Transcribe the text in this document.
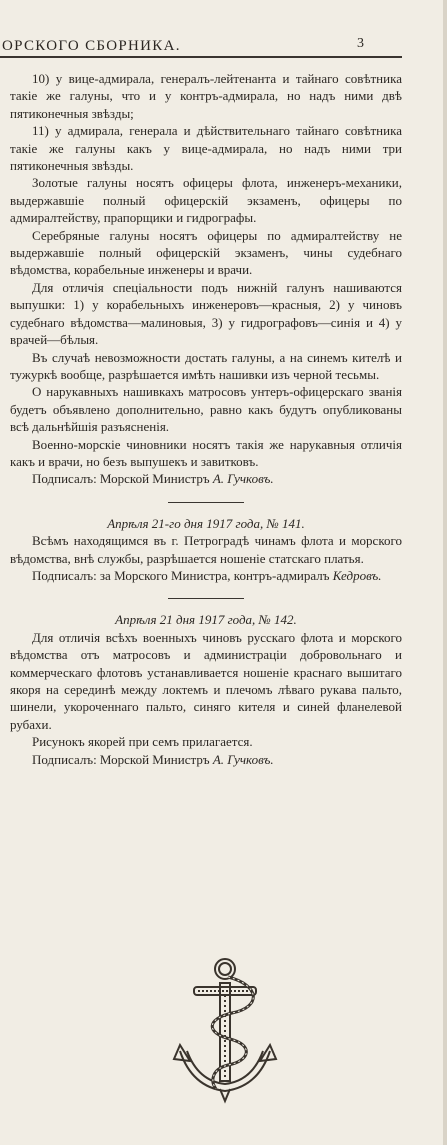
ОРСКОГО СБОРНИКА.	3

10) у вице-адмирала, генералъ-лейтенанта и тайнаго совѣтника такіе же галуны, что и у контръ-адмирала, но надъ ними двѣ пятиконечныя звѣзды;

11) у адмирала, генерала и дѣйствительнаго тайнаго совѣтника такіе же галуны какъ у вице-адмирала, но надъ ними три пятиконечныя звѣзды.

Золотые галуны носятъ офицеры флота, инженеръ-механики, выдержавшіе полный офицерскій экзаменъ, офицеры по адмиралтейству, прапорщики и гидрографы.

Серебряные галуны носятъ офицеры по адмиралтейству не выдержавшіе полный офицерскій экзаменъ, чины судебнаго вѣдомства, корабельные инженеры и врачи.

Для отличія спеціальности подъ нижній галунъ нашиваются выпушки: 1) у корабельныхъ инженеровъ—красныя, 2) у чиновъ судебнаго вѣдомства—малиновыя, 3) у гидрографовъ—синія и 4) у врачей—бѣлыя.

Въ случаѣ невозможности достать галуны, а на синемъ кителѣ и тужуркѣ вообще, разрѣшается имѣть нашивки изъ черной тесьмы.

О нарукавныхъ нашивкахъ матросовъ унтеръ-офицерскаго званія будетъ объявлено дополнительно, равно какъ будутъ опубликованы всѣ дальнѣйшія разъясненія.

Военно-морскіе чиновники носятъ такія же нарукавныя отличія какъ и врачи, но безъ выпушекъ и завитковъ.

Подписалъ: Морской Министръ А. Гучковъ.

Апрѣля 21-го дня 1917 года, № 141.

Всѣмъ находящимся въ г. Петроградѣ чинамъ флота и морского вѣдомства, внѣ службы, разрѣшается ношеніе статскаго платья.

Подписалъ: за Морского Министра, контръ-адмиралъ Кедровъ.

Апрѣля 21 дня 1917 года, № 142.

Для отличія всѣхъ военныхъ чиновъ русскаго флота и морского вѣдомства отъ матросовъ и администраціи добровольнаго и коммерческаго флотовъ устанавливается ношеніе краснаго вышитаго якоря на серединѣ между локтемъ и плечомъ лѣваго рукава пальто, шинели, укороченнаго пальто, синяго кителя и синей фланелевой рубахи.

Рисунокъ якорей при семъ прилагается.

Подписалъ: Морской Министръ А. Гучковъ.
